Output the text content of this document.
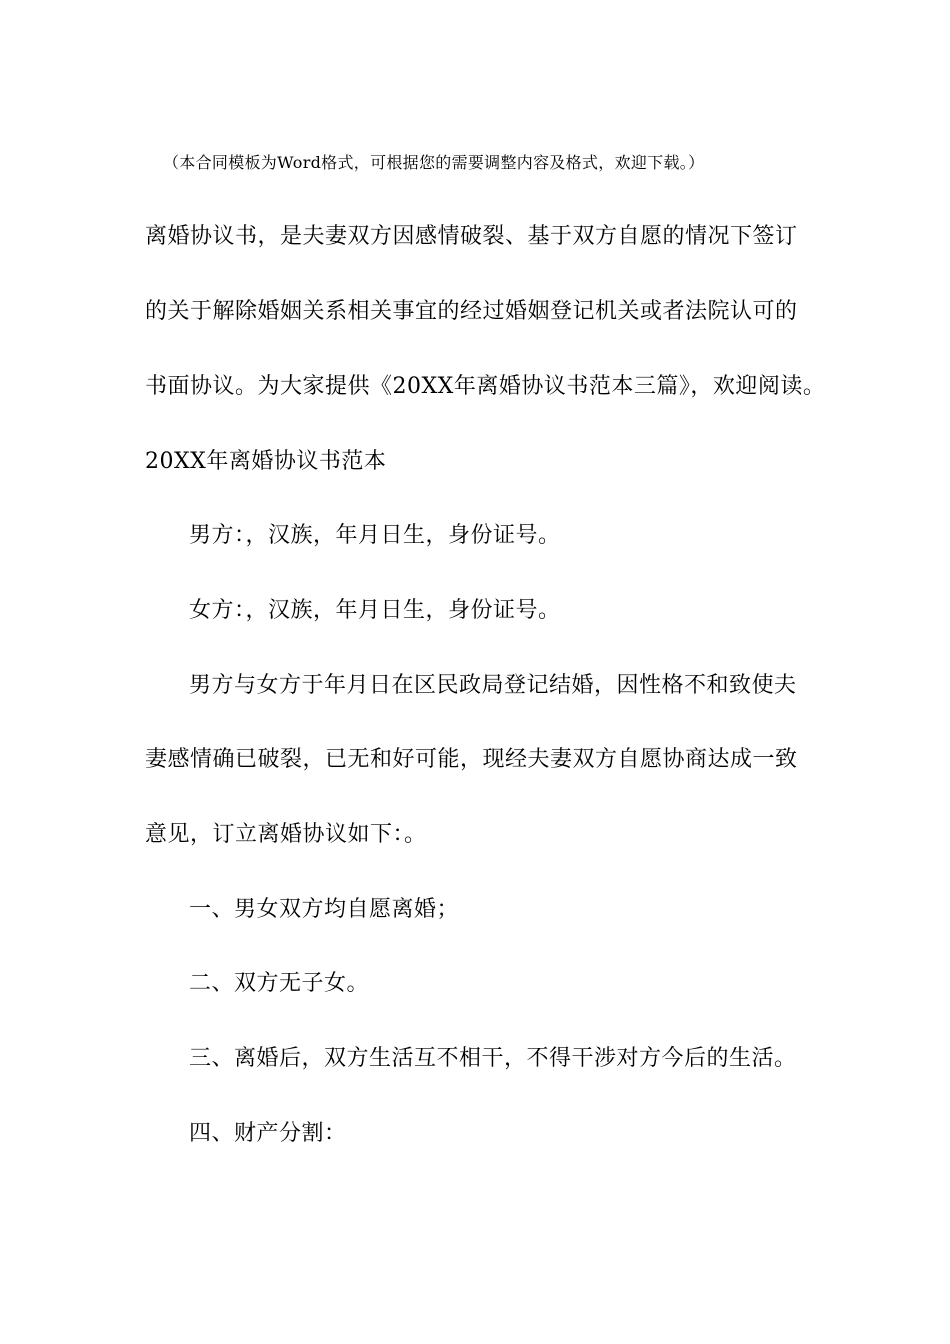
（本合同模板为Word格式，可根据您的需要调整内容及格式，欢迎下载。）
离婚协议书，是夫妻双方因感情破裂、基于双方自愿的情况下签订
的关于解除婚姻关系相关事宜的经过婚姻登记机关或者法院认可的
书面协议。为大家提供《20XX年离婚协议书范本三篇》，欢迎阅读。
20XX年离婚协议书范本
男方：，汉族，年月日生，身份证号。
女方：，汉族，年月日生，身份证号。
男方与女方于年月日在区民政局登记结婚，因性格不和致使夫
妻感情确已破裂，已无和好可能，现经夫妻双方自愿协商达成一致
意见，订立离婚协议如下：。
一、男女双方均自愿离婚；
二、双方无子女。
三、离婚后，双方生活互不相干，不得干涉对方今后的生活。
四、财产分割：
